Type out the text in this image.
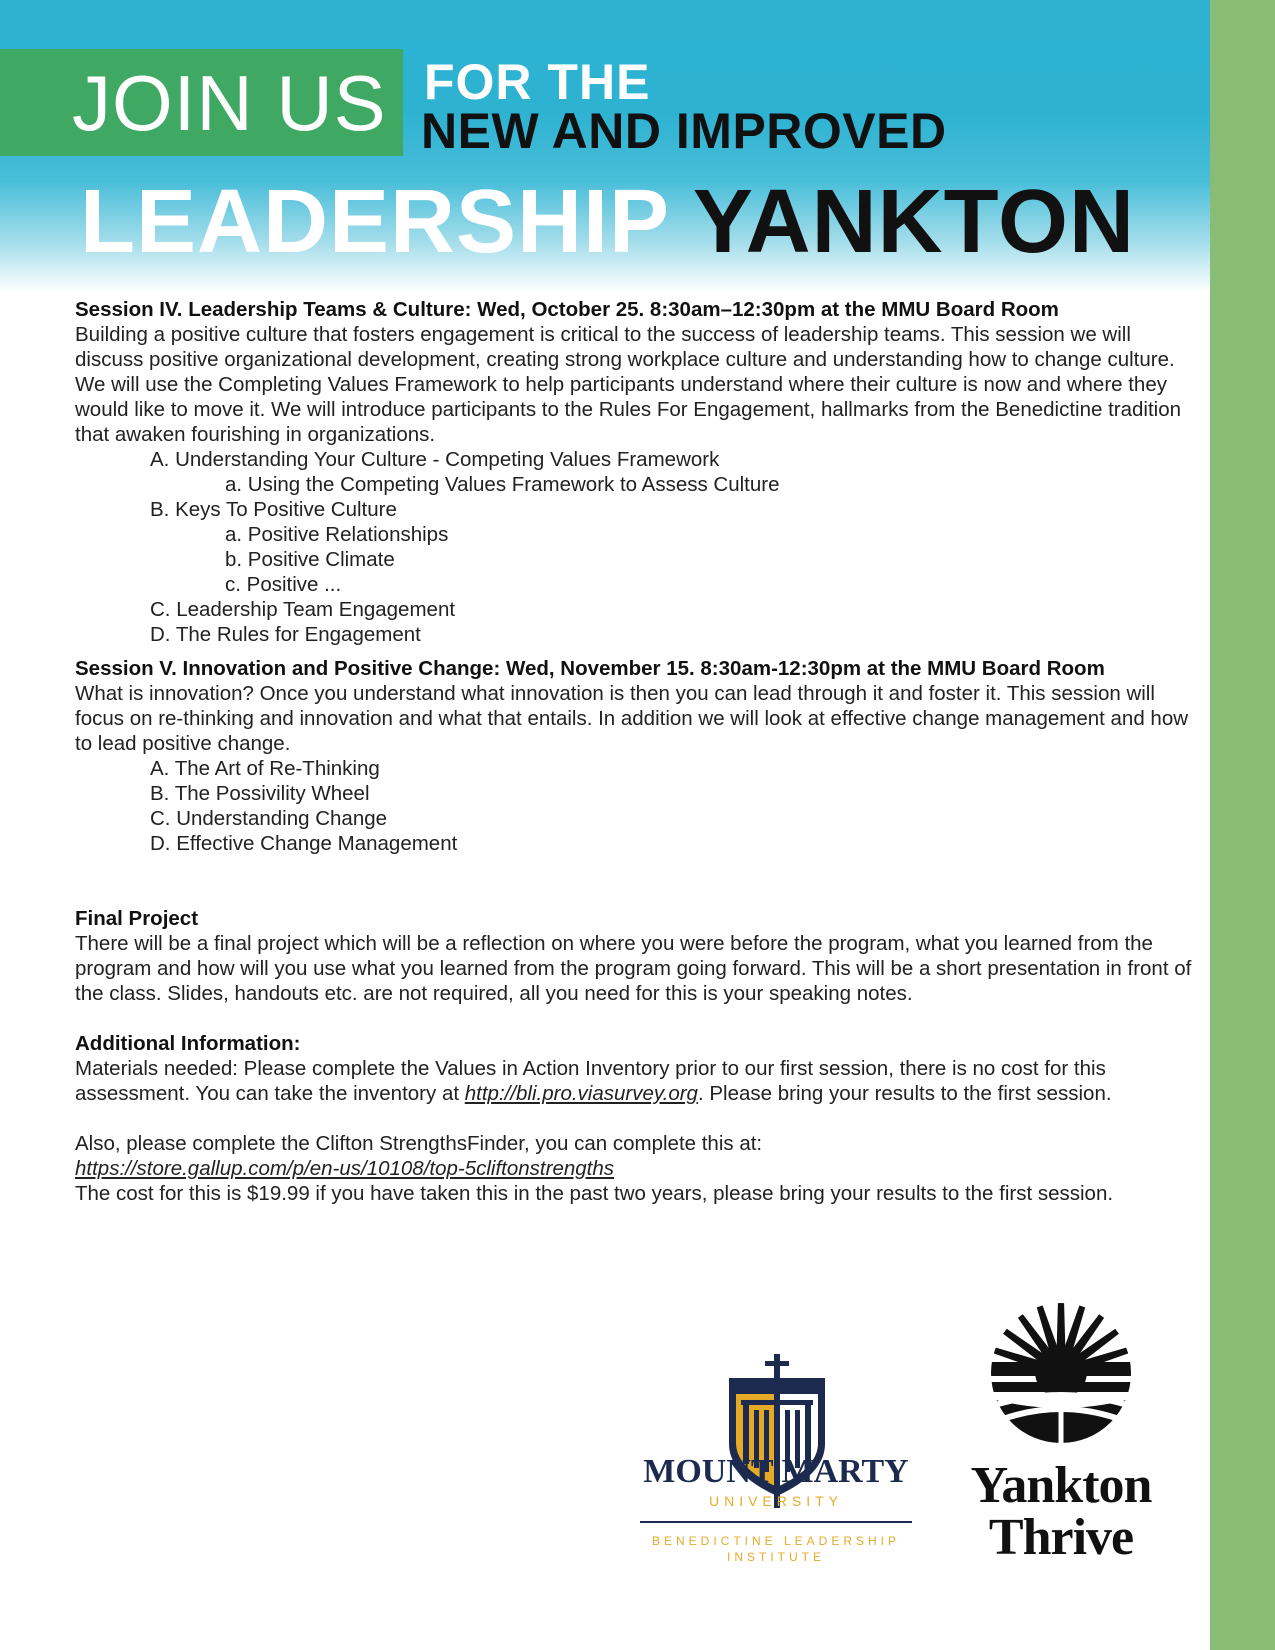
JOIN US FOR THE
NEW AND IMPROVED
LEADERSHIP YANKTON

Session IV. Leadership Teams & Culture: Wed, October 25. 8:30am–12:30pm at the MMU Board Room

Building a positive culture that fosters engagement is critical to the success of leadership teams. This session we will discuss positive organizational development, creating strong workplace culture and understanding how to change culture. We will use the Completing Values Framework to help participants understand where their culture is now and where they would like to move it. We will introduce participants to the Rules For Engagement, hallmarks from the Benedictine tradition that awaken fourishing in organizations.

A. Understanding Your Culture - Competing Values Framework

a. Using the Competing Values Framework to Assess Culture

B. Keys To Positive Culture

a. Positive Relationships

b. Positive Climate

c. Positive ...

C. Leadership Team Engagement

D. The Rules for Engagement

Session V. Innovation and Positive Change: Wed, November 15. 8:30am-12:30pm at the MMU Board Room

What is innovation? Once you understand what innovation is then you can lead through it and foster it. This session will focus on re-thinking and innovation and what that entails. In addition we will look at effective change management and how to lead positive change.

A. The Art of Re-Thinking

B. The Possivility Wheel

C. Understanding Change

D. Effective Change Management

Final Project

There will be a final project which will be a reflection on where you were before the program, what you learned from the program and how will you use what you learned from the program going forward. This will be a short presentation in front of the class. Slides, handouts etc. are not required, all you need for this is your speaking notes.

Additional Information:

Materials needed: Please complete the Values in Action Inventory prior to our first session, there is no cost for this assessment. You can take the inventory at http://bli.pro.viasurvey.org. Please bring your results to the first session.

Also, please complete the Clifton StrengthsFinder, you can complete this at:

https://store.gallup.com/p/en-us/10108/top-5cliftonstrengths

The cost for this is $19.99 if you have taken this in the past two years, please bring your results to the first session.

MOUNT MARTY
UNIVERSITY
BENEDICTINE LEADERSHIP
INSTITUTE
Yankton
Thrive
